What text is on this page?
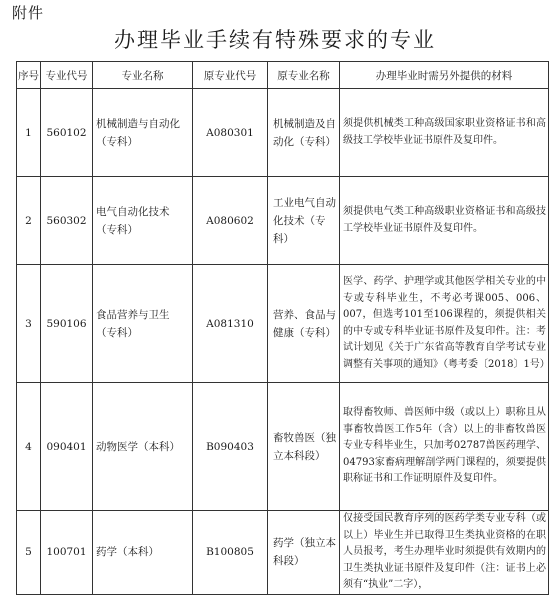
附件
办理毕业手续有特殊要求的专业
序号	专业代号	专业名称	原专业代号	原专业名称	办理毕业时需另外提供的材料
1	560102	机械制造与自动化（专科）	A080301	机械制造及自动化（专科）	须提供机械类工种高级国家职业资格证书和高级技工学校毕业证书原件及复印件。
2	560302	电气自动化技术（专科）	A080602	工业电气自动化技术（专科）	须提供电气类工种高级职业资格证书和高级技工学校毕业证书原件及复印件。
3	590106	食品营养与卫生（专科）	A081310	营养、食品与健康（专科）	医学、药学、护理学或其他医学相关专业的中专或专科毕业生，不考必考课005、006、007，但选考101至106课程的，须提供相关的中专或专科毕业证书原件及复印件。注：考试计划见《关于广东省高等教育自学考试专业调整有关事项的通知》（粤考委〔2018〕1号）
4	090401	动物医学（本科）	B090403	畜牧兽医（独立本科段）	取得畜牧师、兽医师中级（或以上）职称且从事畜牧兽医工作5年（含）以上的非畜牧兽医专业专科毕业生，只加考02787兽医药理学、04793家畜病理解剖学两门课程的，须要提供职称证书和工作证明原件及复印件。
5	100701	药学（本科）	B100805	药学（独立本科段）	仅接受国民教育序列的医药学类专业专科（或以上）毕业生并已取得卫生类执业资格的在职人员报考，考生办理毕业时须提供有效期内的卫生类执业证书原件及复印件（注：证书上必须有“执业”二字），
